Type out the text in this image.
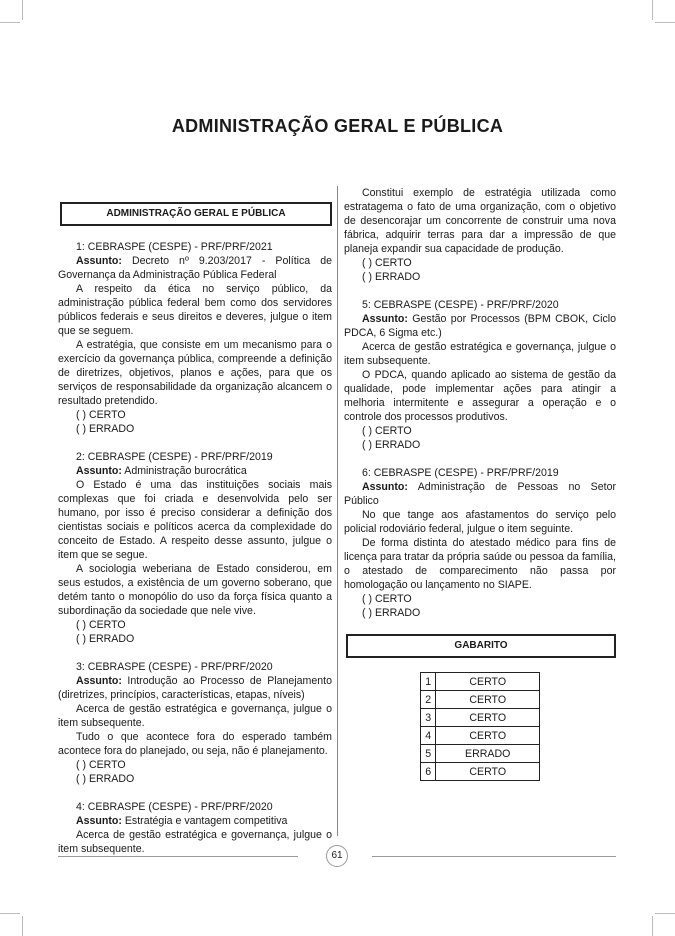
ADMINISTRAÇÃO GERAL E PÚBLICA
ADMINISTRAÇÃO GERAL E PÚBLICA
1: CEBRASPE (CESPE) - PRF/PRF/2021

Assunto: Decreto nº 9.203/2017 - Política de Governança da Administração Pública Federal

A respeito da ética no serviço público, da administração pública federal bem como dos servidores públicos federais e seus direitos e deveres, julgue o item que se seguem.

A estratégia, que consiste em um mecanismo para o exercício da governança pública, compreende a definição de diretrizes, objetivos, planos e ações, para que os serviços de responsabilidade da organização alcancem o resultado pretendido.

( ) CERTO
( ) ERRADO
2: CEBRASPE (CESPE) - PRF/PRF/2019

Assunto: Administração burocrática

O Estado é uma das instituições sociais mais complexas que foi criada e desenvolvida pelo ser humano, por isso é preciso considerar a definição dos cientistas sociais e políticos acerca da complexidade do conceito de Estado. A respeito desse assunto, julgue o item que se segue.

A sociologia weberiana de Estado considerou, em seus estudos, a existência de um governo soberano, que detém tanto o monopólio do uso da força física quanto a subordinação da sociedade que nele vive.

( ) CERTO
( ) ERRADO
3: CEBRASPE (CESPE) - PRF/PRF/2020

Assunto: Introdução ao Processo de Planejamento (diretrizes, princípios, características, etapas, níveis)

Acerca de gestão estratégica e governança, julgue o item subsequente.

Tudo o que acontece fora do esperado também acontece fora do planejado, ou seja, não é planejamento.

( ) CERTO
( ) ERRADO
4: CEBRASPE (CESPE) - PRF/PRF/2020

Assunto: Estratégia e vantagem competitiva

Acerca de gestão estratégica e governança, julgue o item subsequente.

Constitui exemplo de estratégia utilizada como estratagema o fato de uma organização, com o objetivo de desencorajar um concorrente de construir uma nova fábrica, adquirir terras para dar a impressão de que planeja expandir sua capacidade de produção.

( ) CERTO
( ) ERRADO
5: CEBRASPE (CESPE) - PRF/PRF/2020

Assunto: Gestão por Processos (BPM CBOK, Ciclo PDCA, 6 Sigma etc.)

Acerca de gestão estratégica e governança, julgue o item subsequente.

O PDCA, quando aplicado ao sistema de gestão da qualidade, pode implementar ações para atingir a melhoria intermitente e assegurar a operação e o controle dos processos produtivos.

( ) CERTO
( ) ERRADO
6: CEBRASPE (CESPE) - PRF/PRF/2019

Assunto: Administração de Pessoas no Setor Público

No que tange aos afastamentos do serviço pelo policial rodoviário federal, julgue o item seguinte.

De forma distinta do atestado médico para fins de licença para tratar da própria saúde ou pessoa da família, o atestado de comparecimento não passa por homologação ou lançamento no SIAPE.

( ) CERTO
( ) ERRADO
GABARITO
1	CERTO
2	CERTO
3	CERTO
4	CERTO
5	ERRADO
6	CERTO
61
